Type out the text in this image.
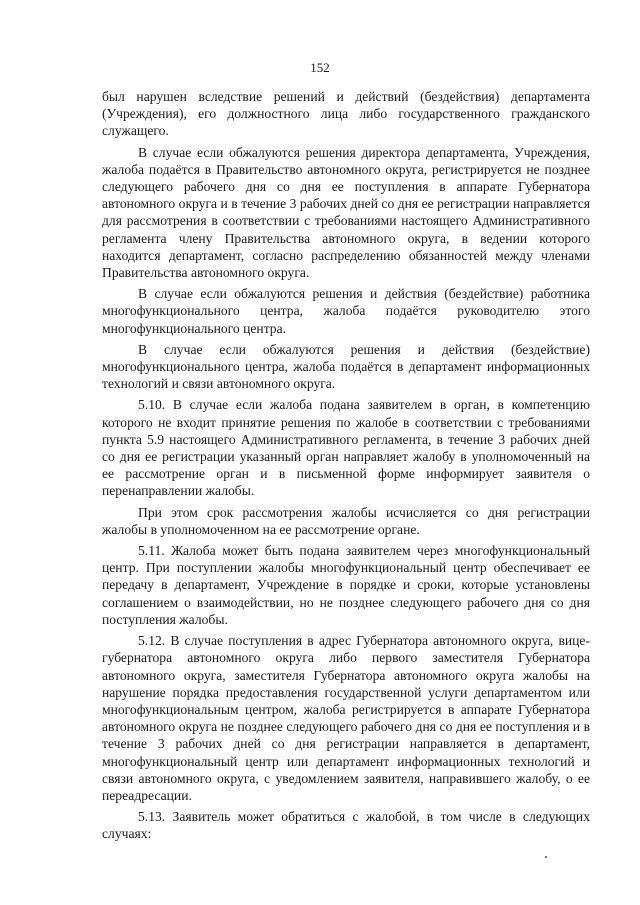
152

был нарушен вследствие решений и действий (бездействия) департамента (Учреждения), его должностного лица либо государственного гражданского служащего.

В случае если обжалуются решения директора департамента, Учреждения, жалоба подаётся в Правительство автономного округа, регистрируется не позднее следующего рабочего дня со дня ее поступления в аппарате Губернатора автономного округа и в течение 3 рабочих дней со дня ее регистрации направляется для рассмотрения в соответствии с требованиями настоящего Административного регламента члену Правительства автономного округа, в ведении которого находится департамент, согласно распределению обязанностей между членами Правительства автономного округа.

В случае если обжалуются решения и действия (бездействие) работника многофункционального центра, жалоба подаётся руководителю этого многофункционального центра.

В случае если обжалуются решения и действия (бездействие) многофункционального центра, жалоба подаётся в департамент информационных технологий и связи автономного округа.

5.10. В случае если жалоба подана заявителем в орган, в компетенцию которого не входит принятие решения по жалобе в соответствии с требованиями пункта 5.9 настоящего Административного регламента, в течение 3 рабочих дней со дня ее регистрации указанный орган направляет жалобу в уполномоченный на ее рассмотрение орган и в письменной форме информирует заявителя о перенаправлении жалобы.

При этом срок рассмотрения жалобы исчисляется со дня регистрации жалобы в уполномоченном на ее рассмотрение органе.

5.11. Жалоба может быть подана заявителем через многофункциональный центр. При поступлении жалобы многофункциональный центр обеспечивает ее передачу в департамент, Учреждение в порядке и сроки, которые установлены соглашением о взаимодействии, но не позднее следующего рабочего дня со дня поступления жалобы.

5.12. В случае поступления в адрес Губернатора автономного округа, вице-губернатора автономного округа либо первого заместителя Губернатора автономного округа, заместителя Губернатора автономного округа жалобы на нарушение порядка предоставления государственной услуги департаментом или многофункциональным центром, жалоба регистрируется в аппарате Губернатора автономного округа не позднее следующего рабочего дня со дня ее поступления и в течение 3 рабочих дней со дня регистрации направляется в департамент, многофункциональный центр или департамент информационных технологий и связи автономного округа, с уведомлением заявителя, направившего жалобу, о ее переадресации.

5.13. Заявитель может обратиться с жалобой, в том числе в следующих случаях:
